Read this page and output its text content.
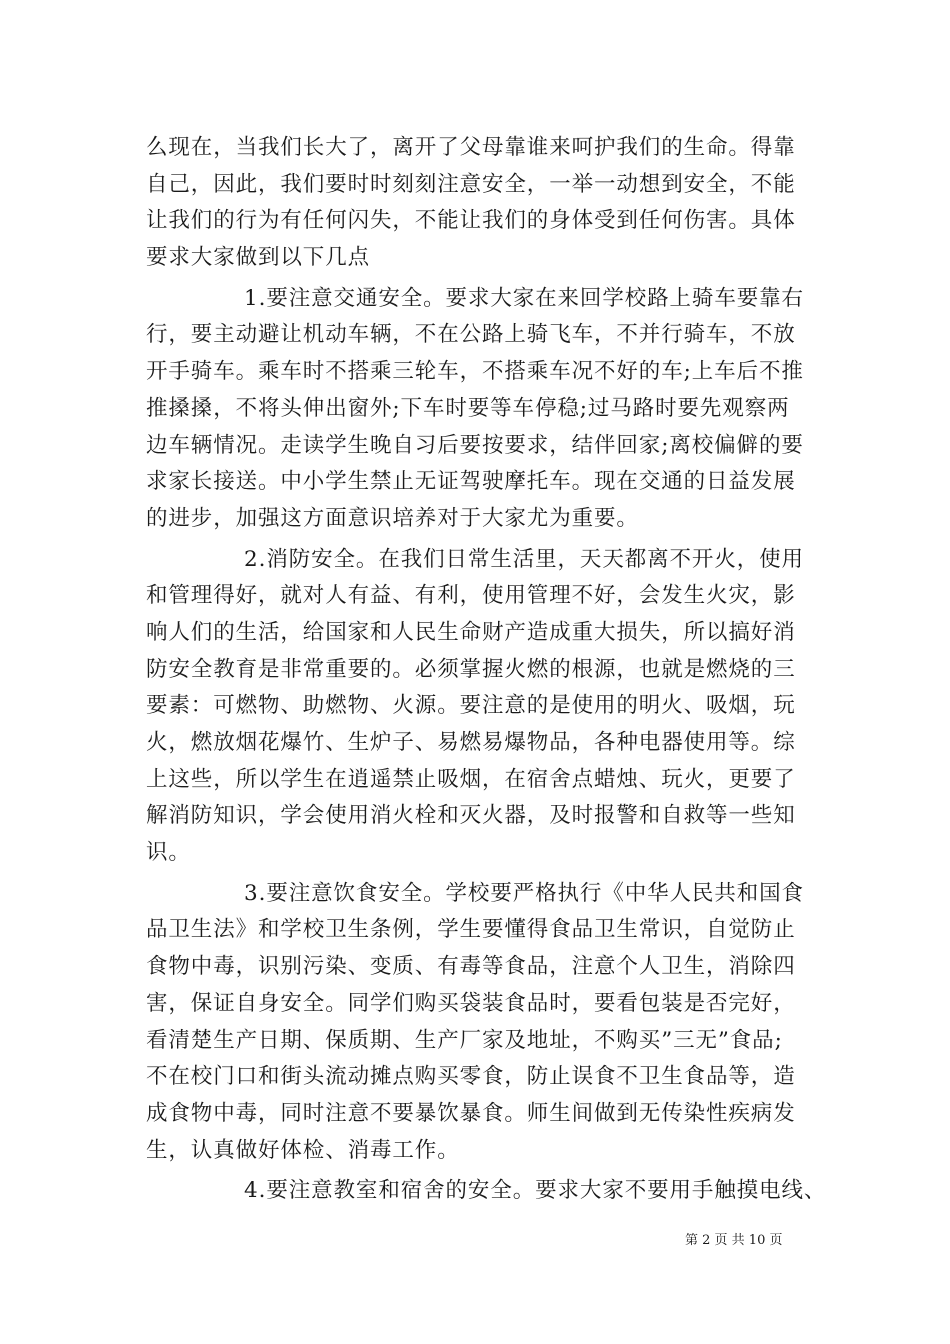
么现在，当我们长大了，离开了父母靠谁来呵护我们的生命。得靠
自己，因此，我们要时时刻刻注意安全，一举一动想到安全，不能
让我们的行为有任何闪失，不能让我们的身体受到任何伤害。具体
要求大家做到以下几点
1.要注意交通安全。要求大家在来回学校路上骑车要靠右
行，要主动避让机动车辆，不在公路上骑飞车，不并行骑车，不放
开手骑车。乘车时不搭乘三轮车，不搭乘车况不好的车;上车后不推
推搡搡，不将头伸出窗外;下车时要等车停稳;过马路时要先观察两
边车辆情况。走读学生晚自习后要按要求，结伴回家;离校偏僻的要
求家长接送。中小学生禁止无证驾驶摩托车。现在交通的日益发展
的进步，加强这方面意识培养对于大家尤为重要。
2.消防安全。在我们日常生活里，天天都离不开火，使用
和管理得好，就对人有益、有利，使用管理不好，会发生火灾，影
响人们的生活，给国家和人民生命财产造成重大损失，所以搞好消
防安全教育是非常重要的。必须掌握火燃的根源，也就是燃烧的三
要素：可燃物、助燃物、火源。要注意的是使用的明火、吸烟，玩
火，燃放烟花爆竹、生炉子、易燃易爆物品，各种电器使用等。综
上这些，所以学生在逍遥禁止吸烟，在宿舍点蜡烛、玩火，更要了
解消防知识，学会使用消火栓和灭火器，及时报警和自救等一些知
识。
3.要注意饮食安全。学校要严格执行《中华人民共和国食
品卫生法》和学校卫生条例，学生要懂得食品卫生常识，自觉防止
食物中毒，识别污染、变质、有毒等食品，注意个人卫生，消除四
害，保证自身安全。同学们购买袋装食品时，要看包装是否完好，
看清楚生产日期、保质期、生产厂家及地址，不购买”三无”食品;
不在校门口和街头流动摊点购买零食，防止误食不卫生食品等，造
成食物中毒，同时注意不要暴饮暴食。师生间做到无传染性疾病发
生，认真做好体检、消毒工作。
4.要注意教室和宿舍的安全。要求大家不要用手触摸电线、
第 2 页 共 10 页
